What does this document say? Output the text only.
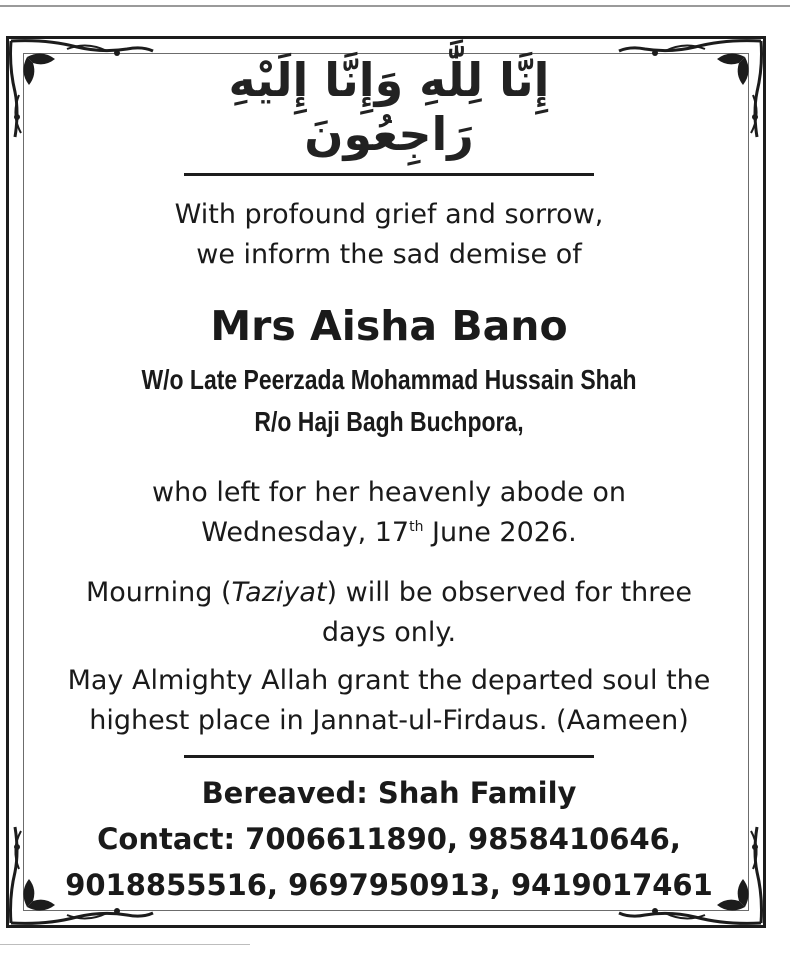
إِنَّا لِلَّٰهِ وَإِنَّا إِلَيْهِ رَاجِعُونَ
With profound grief and sorrow,
we inform the sad demise of
Mrs Aisha Bano
W/o Late Peerzada Mohammad Hussain Shah
R/o Haji Bagh Buchpora,
who left for her heavenly abode on
Wednesday, 17th June 2026.
Mourning (Taziyat) will be observed for three
days only.
May Almighty Allah grant the departed soul the
highest place in Jannat-ul-Firdaus. (Aameen)
Bereaved: Shah Family
Contact: 7006611890, 9858410646,
9018855516, 9697950913, 9419017461
